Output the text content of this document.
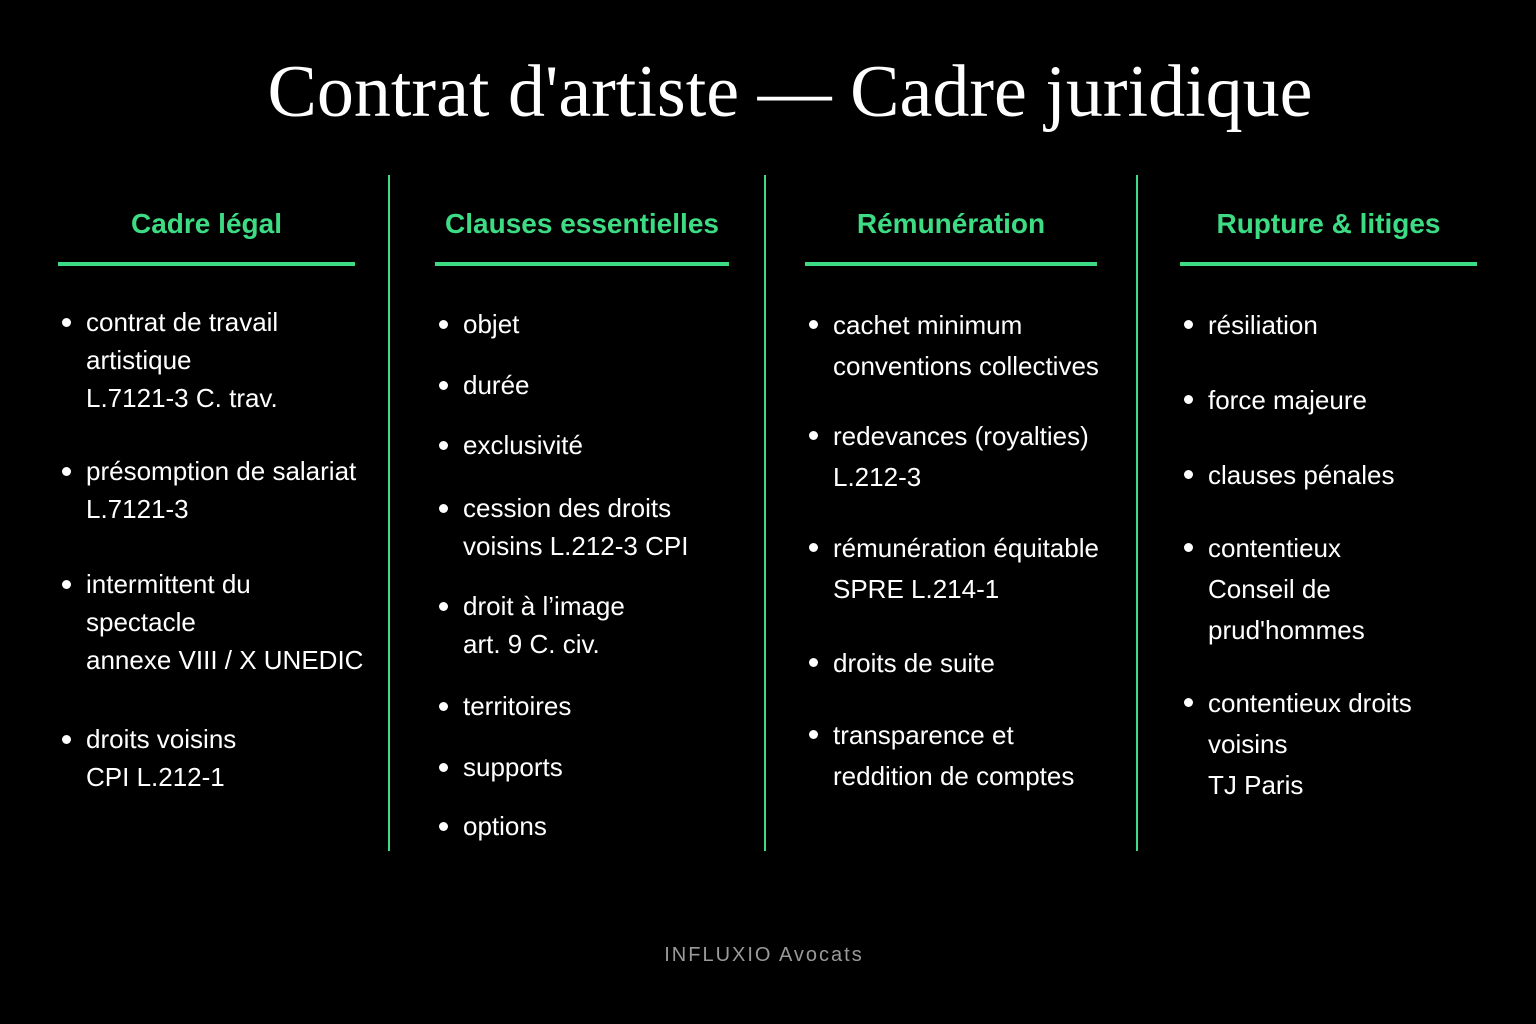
Contrat d'artiste — Cadre juridique
Cadre légal
contrat de travail
artistique
L.7121-3 C. trav.
présomption de salariat
L.7121-3
intermittent du
spectacle
annexe VIII / X UNEDIC
droits voisins
CPI L.212-1
Clauses essentielles
objet
durée
exclusivité
cession des droits
voisins L.212-3 CPI
droit à l’image
art. 9 C. civ.
territoires
supports
options
Rémunération
cachet minimum
conventions collectives
redevances (royalties)
L.212-3
rémunération équitable
SPRE L.214-1
droits de suite
transparence et
reddition de comptes
Rupture & litiges
résiliation
force majeure
clauses pénales
contentieux
Conseil de
prud'hommes
contentieux droits
voisins
TJ Paris
INFLUXIO Avocats
